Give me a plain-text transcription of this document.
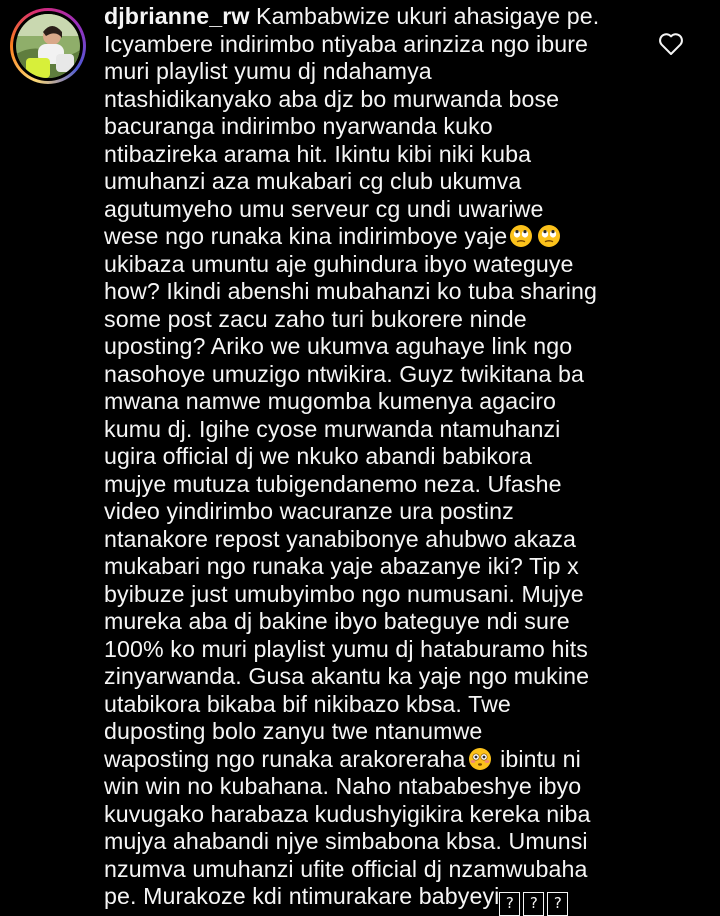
djbrianne_rw Kambabwize ukuri ahasigaye pe.
Icyambere indirimbo ntiyaba arinziza ngo ibure
muri playlist yumu dj ndahamya
ntashidikanyako aba djz bo murwanda bose
bacuranga indirimbo nyarwanda kuko
ntibazireka arama hit. Ikintu kibi niki kuba
umuhanzi aza mukabari cg club ukumva
agutumyeho umu serveur cg undi uwariwe
wese ngo runaka kina indirimboye yaje
ukibaza umuntu aje guhindura ibyo wateguye
how? Ikindi abenshi mubahanzi ko tuba sharing
some post zacu zaho turi bukorere ninde
uposting? Ariko we ukumva aguhaye link ngo
nasohoye umuzigo ntwikira. Guyz twikitana ba
mwana namwe mugomba kumenya agaciro
kumu dj. Igihe cyose murwanda ntamuhanzi
ugira official dj we nkuko abandi babikora
mujye mutuza tubigendanemo neza. Ufashe
video yindirimbo wacuranze ura postinz
ntanakore repost yanabibonye ahubwo akaza
mukabari ngo runaka yaje abazanye iki? Tip x
byibuze just umubyimbo ngo numusani. Mujye
mureka aba dj bakine ibyo bateguye ndi sure
100% ko muri playlist yumu dj hataburamo hits
zinyarwanda. Gusa akantu ka yaje ngo mukine
utabikora bikaba bif nikibazo kbsa. Twe
duposting bolo zanyu twe ntanumwe
waposting ngo runaka arakoreraha ibintu ni
win win no kubahana. Naho ntababeshye ibyo
kuvugako harabaza kudushyigikira kereka niba
mujya ahabandi njye simbabona kbsa. Umunsi
nzumva umuhanzi ufite official dj nzamwubaha
pe. Murakoze kdi ntimurakare babyeyi ? ? ?
